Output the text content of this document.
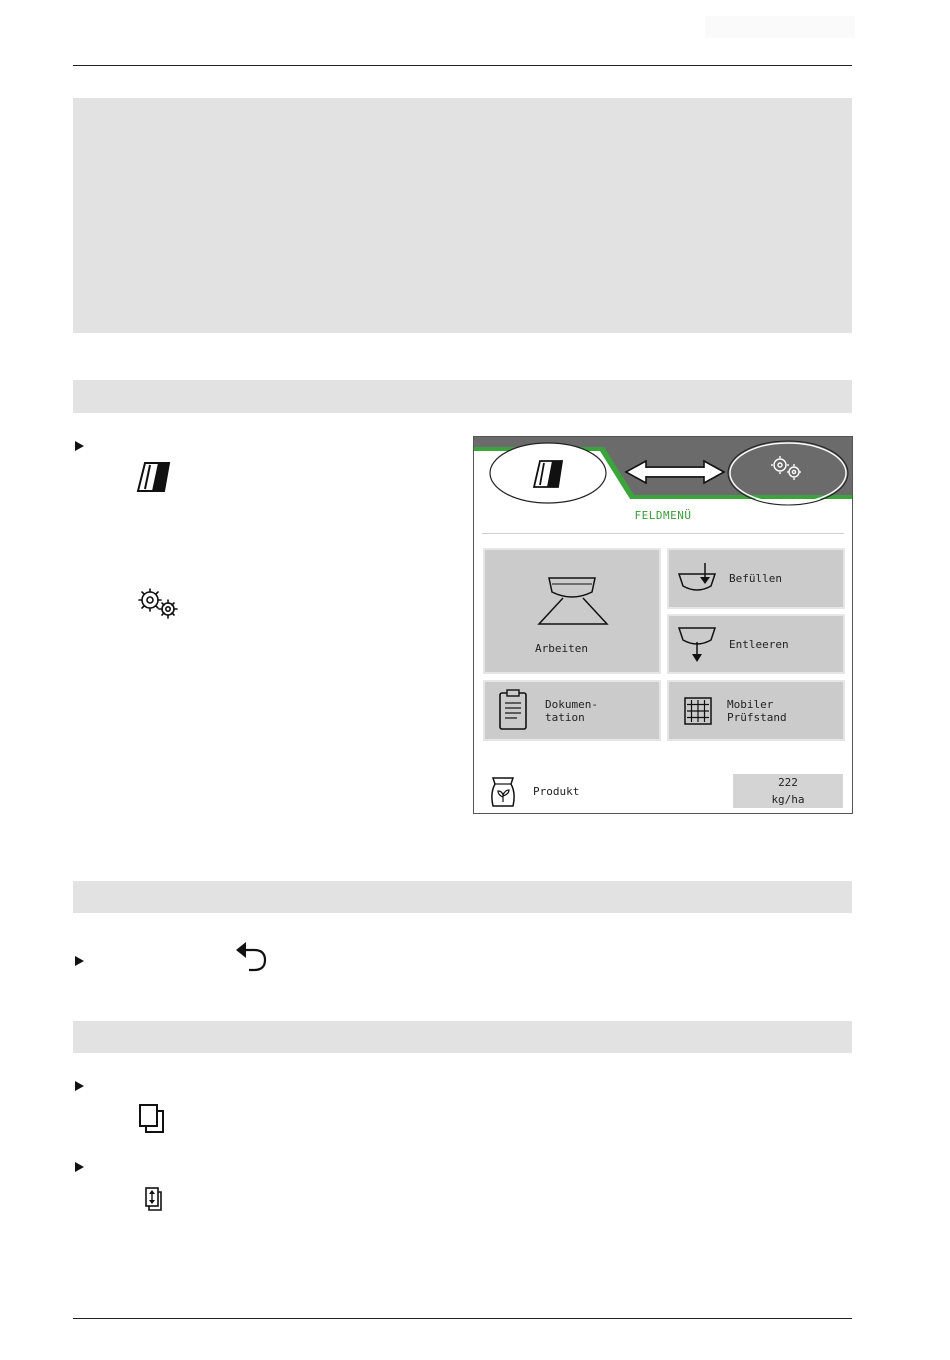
FELDMENÜ
Arbeiten
Befüllen
Entleeren
Dokumen-
tation
Mobiler
Prüfstand
Produkt
222
kg/ha
